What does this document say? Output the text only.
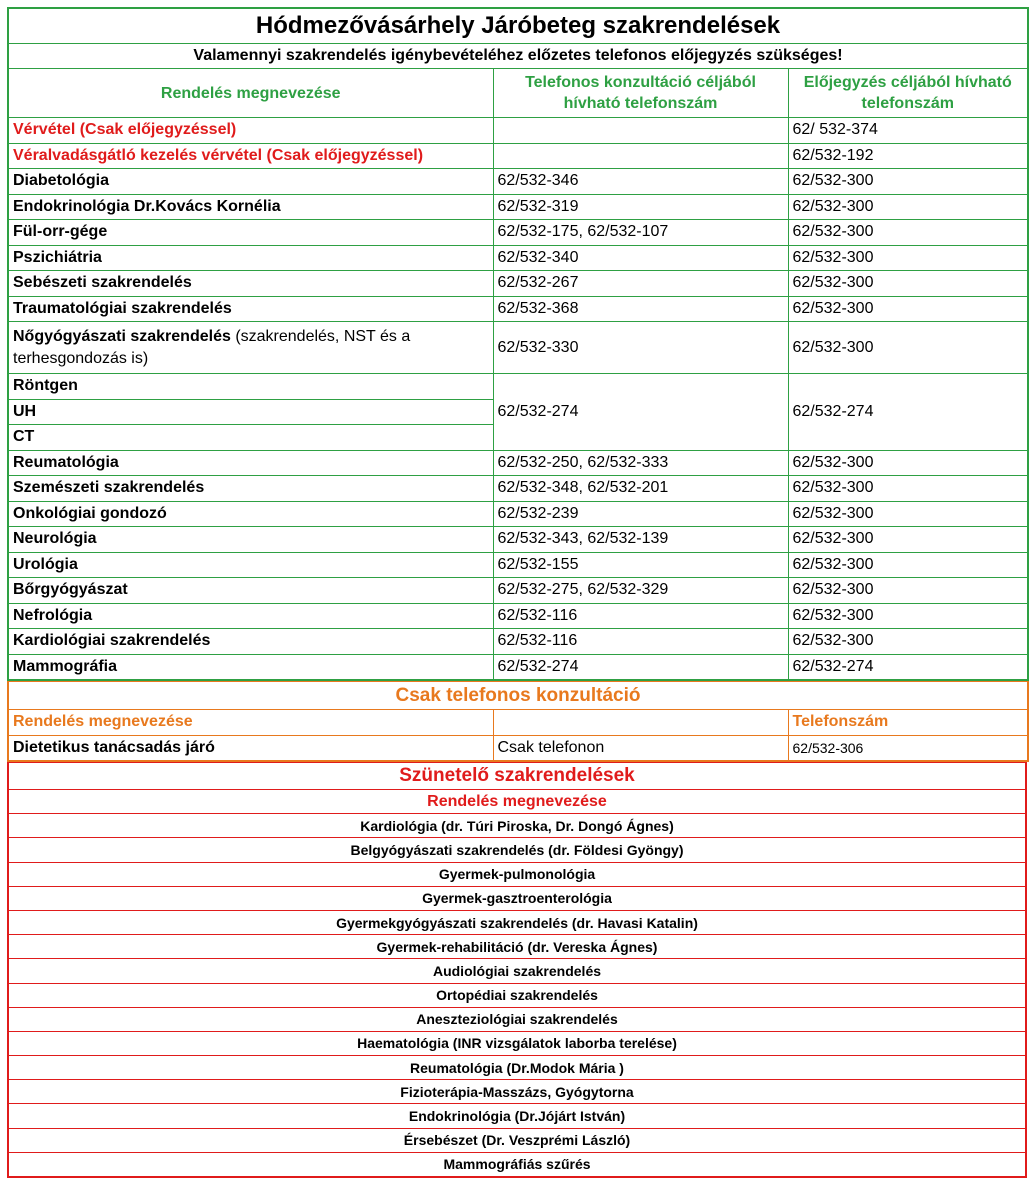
Hódmezővásárhely Járóbeteg szakrendelések		
Valamennyi szakrendelés igénybevételéhez előzetes telefonos előjegyzés szükséges!		
Rendelés megnevezése	Telefonos konzultáció céljából hívható telefonszám	Előjegyzés céljából hívható telefonszám
Vérvétel (Csak előjegyzéssel)		62/ 532-374
Véralvadásgátló kezelés vérvétel (Csak előjegyzéssel)		62/532-192
Diabetológia	62/532-346	62/532-300
Endokrinológia Dr.Kovács Kornélia	62/532-319	62/532-300
Fül-orr-gége	62/532-175, 62/532-107	62/532-300
Pszichiátria	62/532-340	62/532-300
Sebészeti szakrendelés	62/532-267	62/532-300
Traumatológiai szakrendelés	62/532-368	62/532-300
Nőgyógyászati szakrendelés (szakrendelés, NST és a terhesgondozás is)	62/532-330	62/532-300
Röntgen	62/532-274	62/532-274
UH		
CT		
Reumatológia	62/532-250, 62/532-333	62/532-300
Szemészeti szakrendelés	62/532-348, 62/532-201	62/532-300
Onkológiai gondozó	62/532-239	62/532-300
Neurológia	62/532-343, 62/532-139	62/532-300
Urológia	62/532-155	62/532-300
Bőrgyógyászat	62/532-275, 62/532-329	62/532-300
Nefrológia	62/532-116	62/532-300
Kardiológiai szakrendelés	62/532-116	62/532-300
Mammográfia	62/532-274	62/532-274
Csak telefonos konzultáció		
Rendelés megnevezése		Telefonszám
Dietetikus tanácsadás járó	Csak telefonon	62/532-306
Szünetelő szakrendelések
Rendelés megnevezése
Kardiológia (dr. Túri Piroska, Dr. Dongó Ágnes)
Belgyógyászati szakrendelés (dr. Földesi Gyöngy)
Gyermek-pulmonológia
Gyermek-gasztroenterológia
Gyermekgyógyászati szakrendelés (dr. Havasi Katalin)
Gyermek-rehabilitáció (dr. Vereska Ágnes)
Audiológiai szakrendelés
Ortopédiai szakrendelés
Aneszteziológiai szakrendelés
Haematológia (INR vizsgálatok laborba terelése)
Reumatológia (Dr.Modok Mária )
Fizioterápia-Masszázs, Gyógytorna
Endokrinológia (Dr.Jójárt István)
Érsebészet (Dr. Veszprémi László)
Mammográfiás szűrés
